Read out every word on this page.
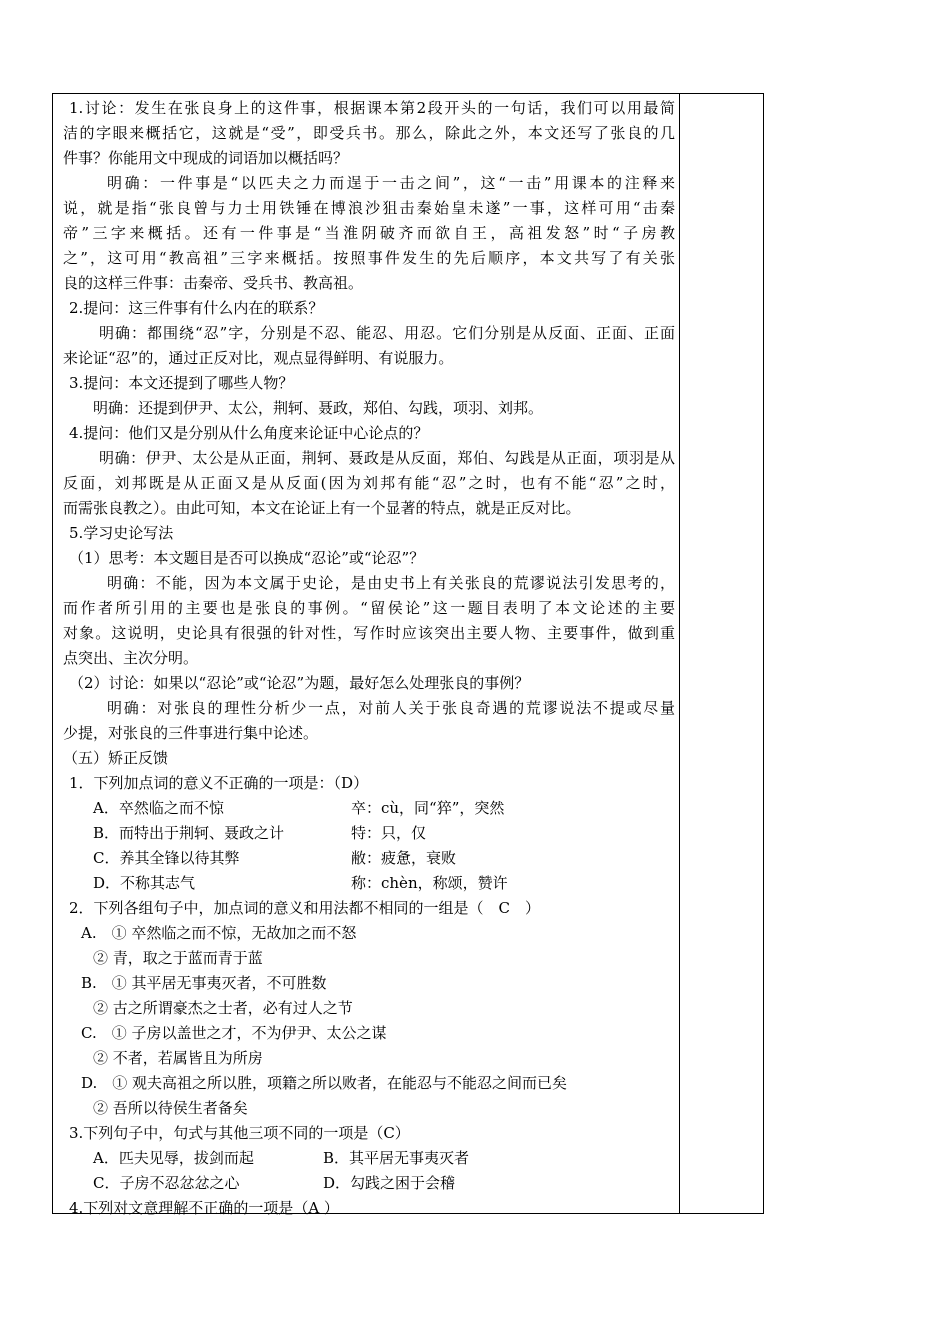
1.讨论：发生在张良身上的这件事，根据课本第2段开头的一句话，我们可以用最简
洁的字眼来概括它，这就是“受”，即受兵书。那么，除此之外，本文还写了张良的几
件事？你能用文中现成的词语加以概括吗？
明确：一件事是“以匹夫之力而逞于一击之间”，这“一击”用课本的注释来
说，就是指“张良曾与力士用铁锤在博浪沙狙击秦始皇未遂”一事，这样可用“击秦
帝”三字来概括。还有一件事是“当淮阴破齐而欲自王，高祖发怒”时“子房教
之”，这可用“教高祖”三字来概括。按照事件发生的先后顺序，本文共写了有关张
良的这样三件事：击秦帝、受兵书、教高祖。
2.提问：这三件事有什么内在的联系？
明确：都围绕“忍”字，分别是不忍、能忍、用忍。它们分别是从反面、正面、正面
来论证“忍”的，通过正反对比，观点显得鲜明、有说服力。
3.提问：本文还提到了哪些人物？
明确：还提到伊尹、太公，荆轲、聂政，郑伯、勾践，项羽、刘邦。
4.提问：他们又是分别从什么角度来论证中心论点的？
明确：伊尹、太公是从正面，荆轲、聂政是从反面，郑伯、勾践是从正面，项羽是从
反面，刘邦既是从正面又是从反面(因为刘邦有能“忍”之时，也有不能“忍”之时，
而需张良教之）。由此可知，本文在论证上有一个显著的特点，就是正反对比。
5.学习史论写法
（1）思考：本文题目是否可以换成“忍论”或“论忍”？
明确：不能，因为本文属于史论，是由史书上有关张良的荒谬说法引发思考的，
而作者所引用的主要也是张良的事例。“留侯论”这一题目表明了本文论述的主要
对象。这说明，史论具有很强的针对性，写作时应该突出主要人物、主要事件，做到重
点突出、主次分明。
（2）讨论：如果以“忍论”或“论忍”为题，最好怎么处理张良的事例？
明确：对张良的理性分析少一点，对前人关于张良奇遇的荒谬说法不提或尽量
少提，对张良的三件事进行集中论述。
（五）矫正反馈
1．下列加点词的意义不正确的一项是：（D）
A．卒然临之而不惊	卒：cù，同“猝”，突然
B．而特出于荆轲、聂政之计	特：只，仅
C．养其全锋以待其弊	敝：疲惫，衰败
D．不称其志气	称：chèn，称颂，赞许
2．下列各组句子中，加点词的意义和用法都不相同的一组是（　C　）
A.　① 卒然临之而不惊，无故加之而不怒
② 青，取之于蓝而青于蓝
B.　① 其平居无事夷灭者，不可胜数
② 古之所谓豪杰之士者，必有过人之节
C.　① 子房以盖世之才，不为伊尹、太公之谋
② 不者，若属皆且为所房
D.　① 观夫高祖之所以胜，项籍之所以败者，在能忍与不能忍之间而已矣
② 吾所以待侯生者备矣
3.下列句子中，句式与其他三项不同的一项是（C）
A．匹夫见辱，拔剑而起	B．其平居无事夷灭者
C．子房不忍忿忿之心	D．勾践之困于会稽
4.下列对文意理解不正确的一项是（A ）
